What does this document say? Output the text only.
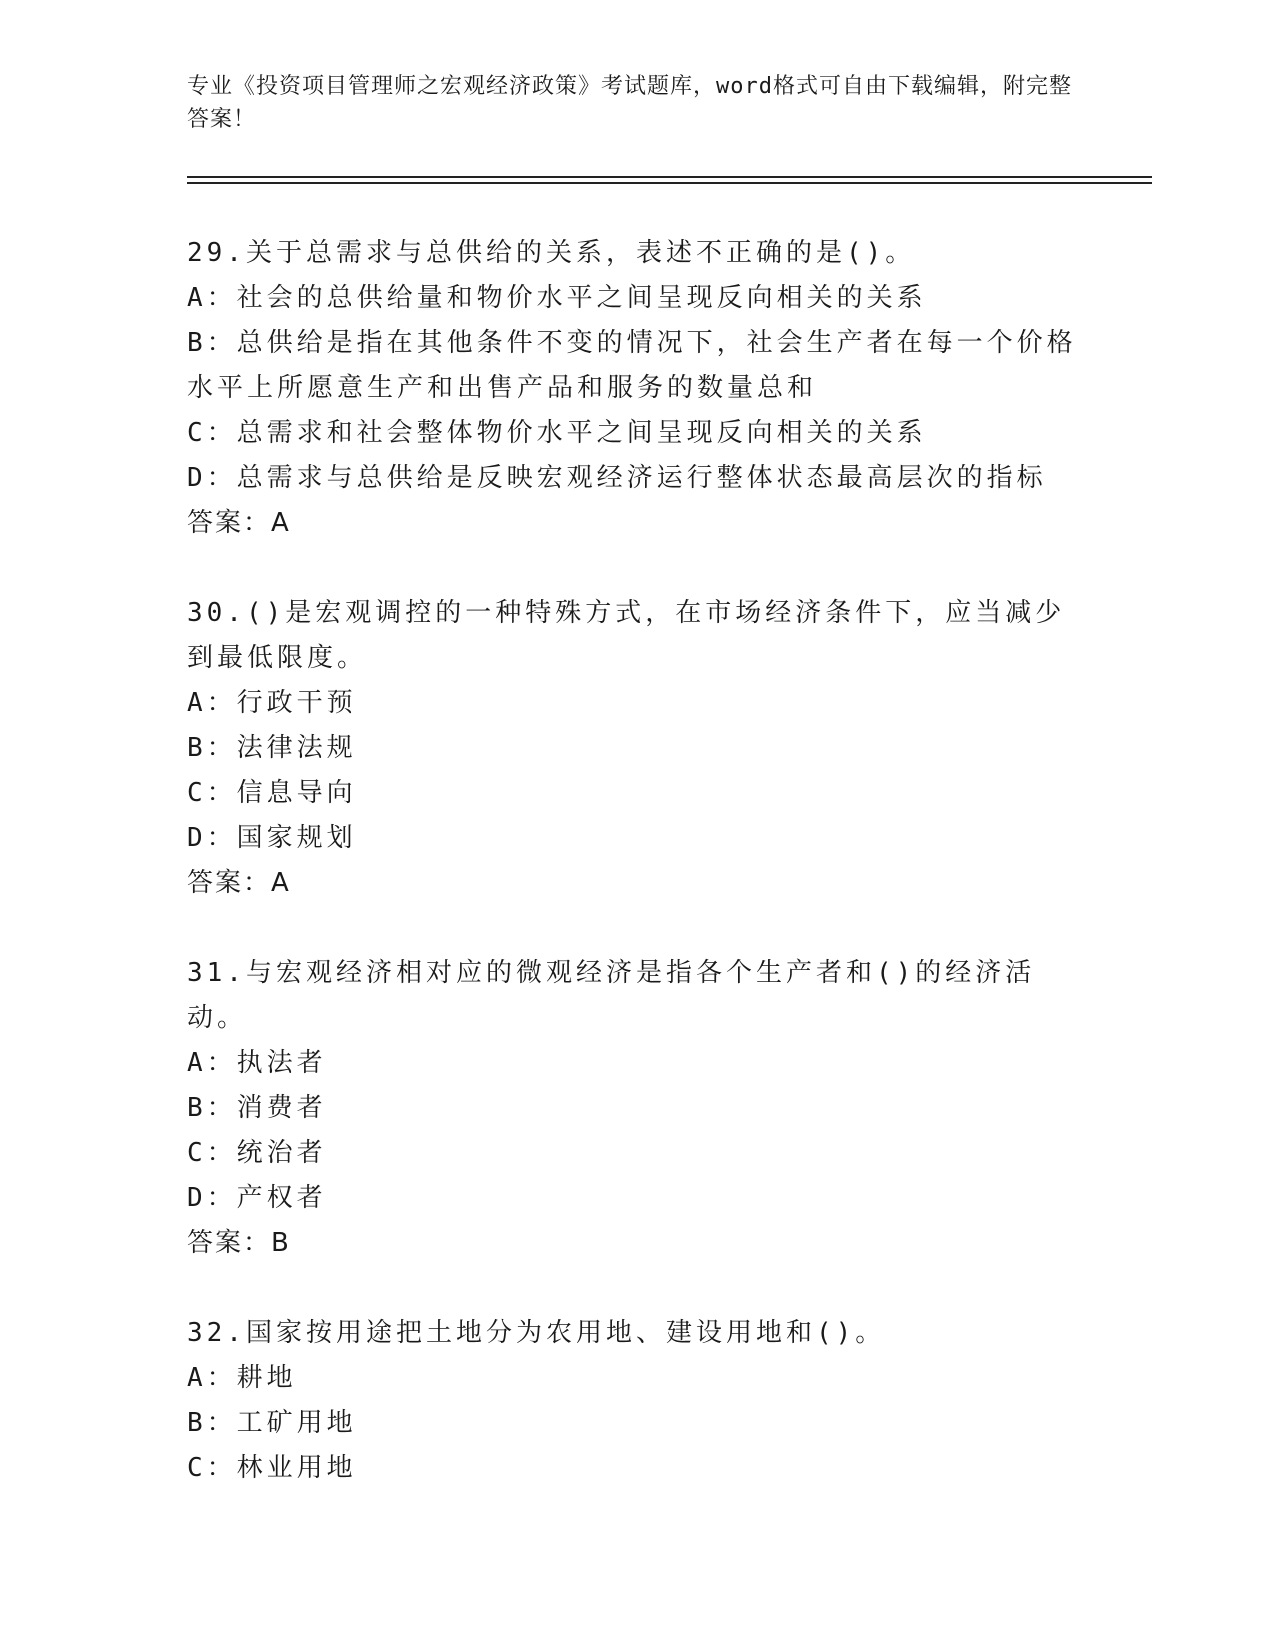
专业《投资项目管理师之宏观经济政策》考试题库，word格式可自由下载编辑，附完整答案！

29.关于总需求与总供给的关系，表述不正确的是()。

A：社会的总供给量和物价水平之间呈现反向相关的关系

B：总供给是指在其他条件不变的情况下，社会生产者在每一个价格水平上所愿意生产和出售产品和服务的数量总和

C：总需求和社会整体物价水平之间呈现反向相关的关系

D：总需求与总供给是反映宏观经济运行整体状态最高层次的指标

答案：A

30.()是宏观调控的一种特殊方式，在市场经济条件下，应当减少到最低限度。

A：行政干预

B：法律法规

C：信息导向

D：国家规划

答案：A

31.与宏观经济相对应的微观经济是指各个生产者和()的经济活动。

A：执法者

B：消费者

C：统治者

D：产权者

答案：B

32.国家按用途把土地分为农用地、建设用地和()。

A：耕地

B：工矿用地

C：林业用地
